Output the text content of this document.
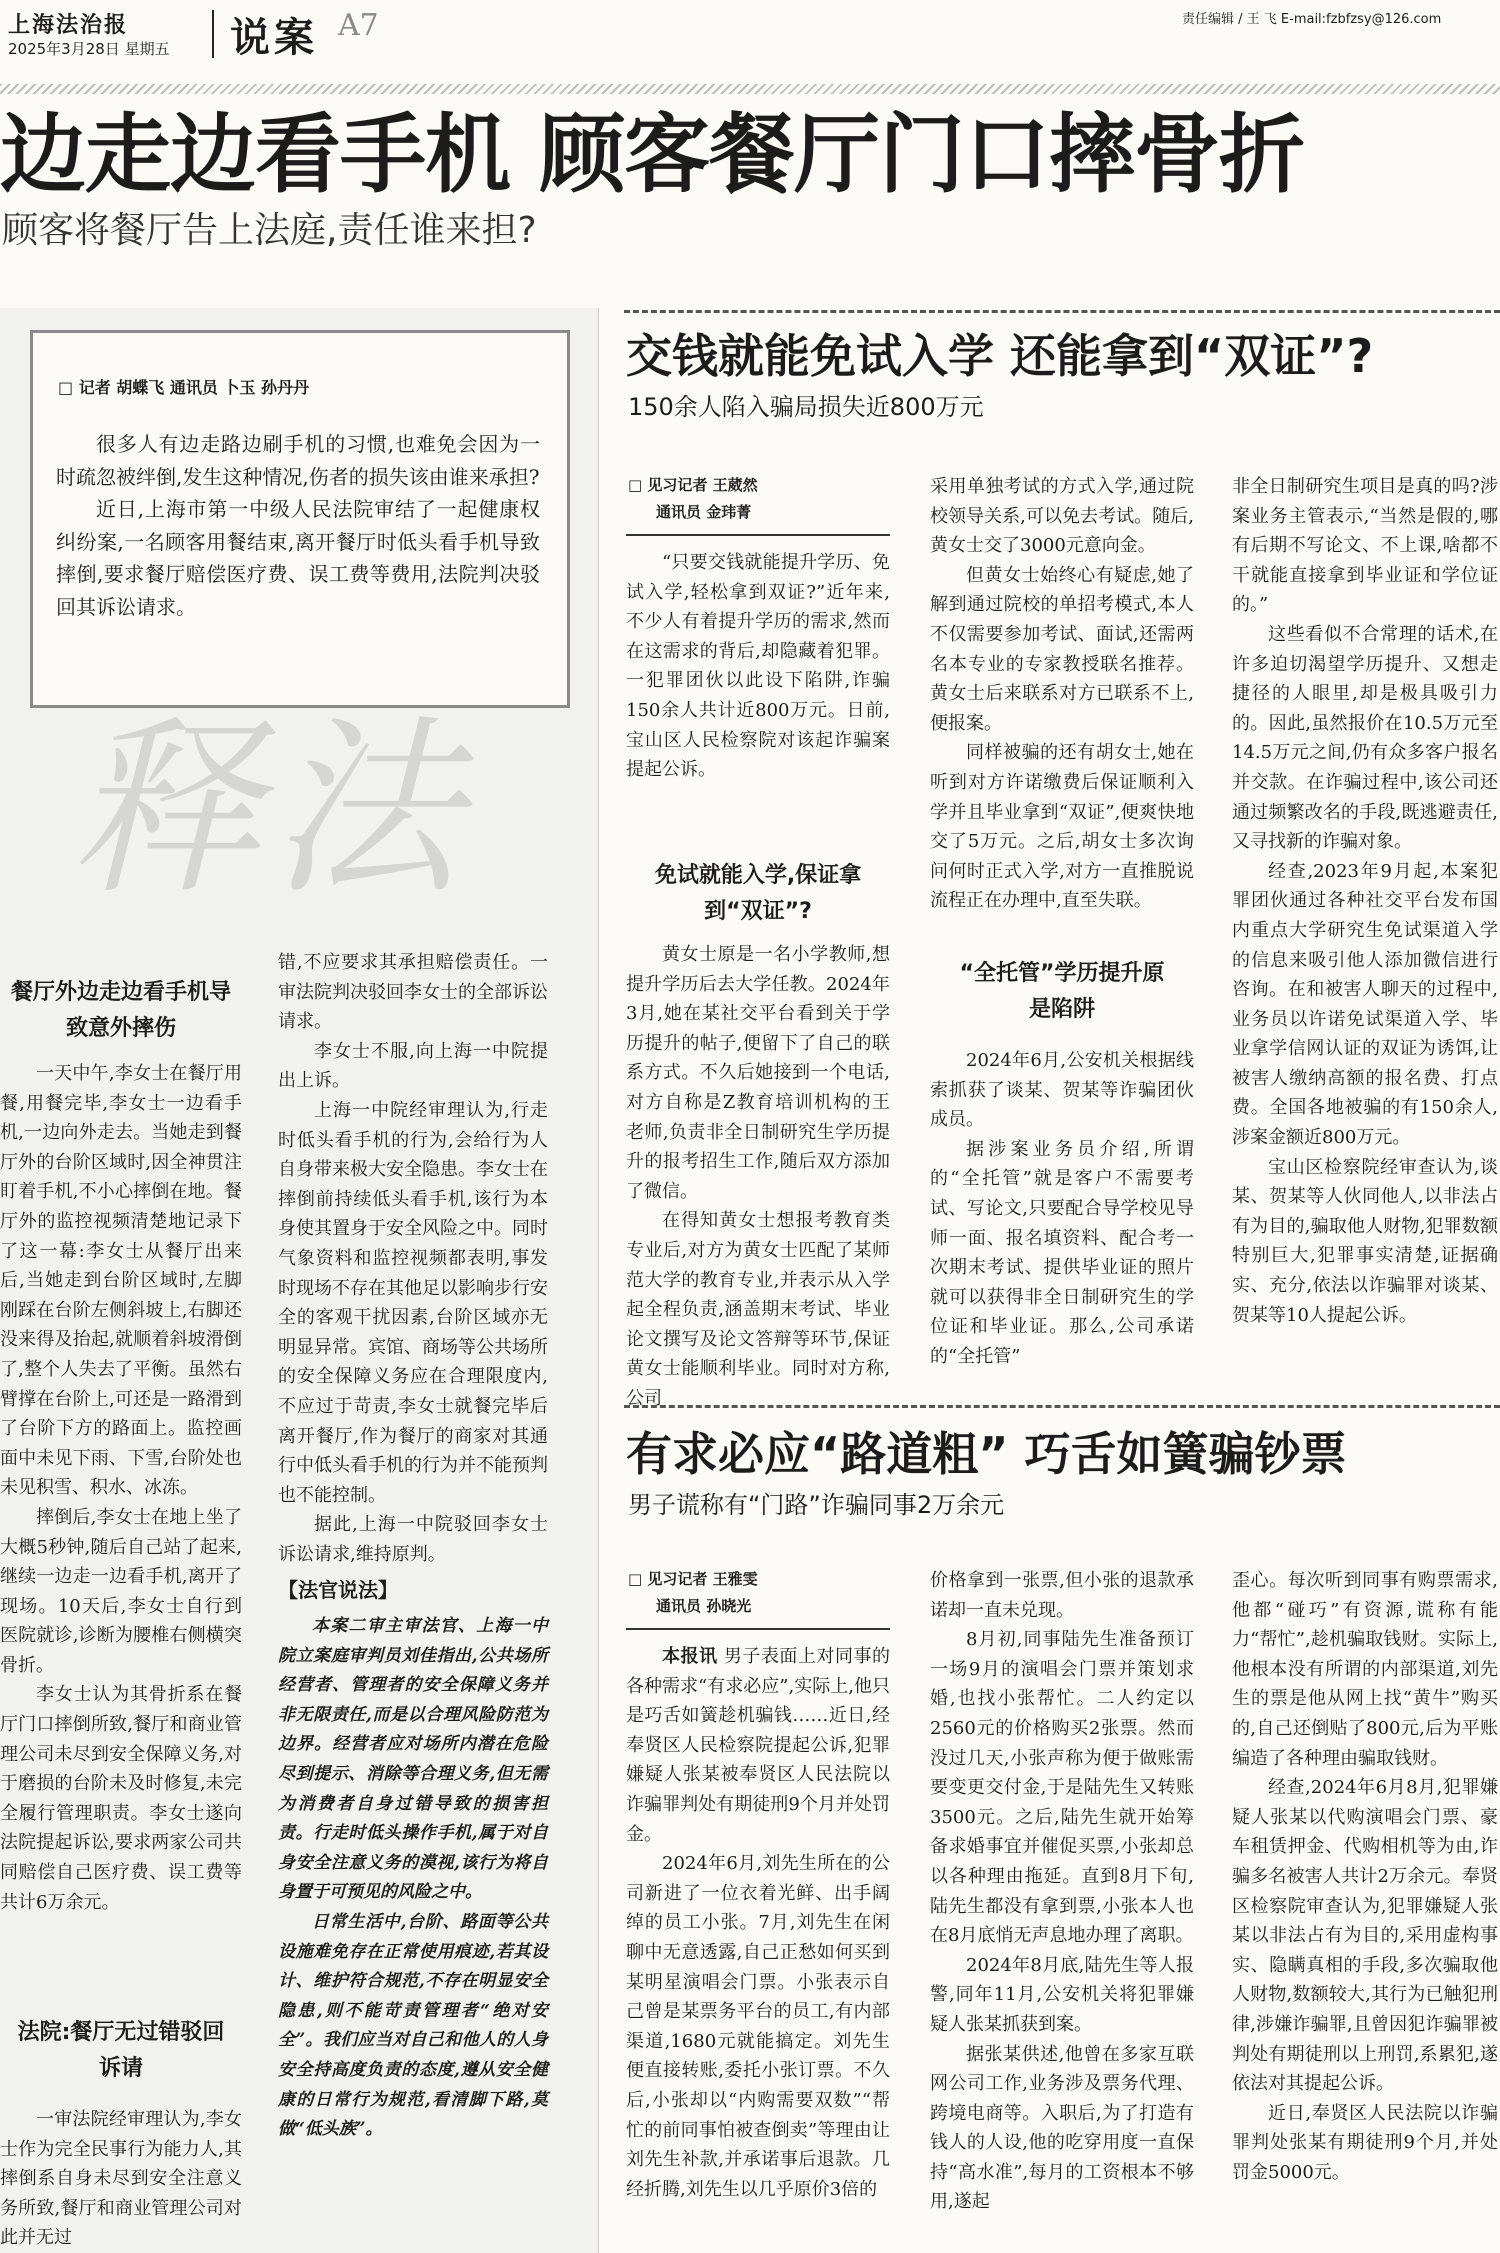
上海法治报
2025年3月28日 星期五 说案 A7	责任编辑 / 王 飞 E-mail:fzbfzsy@126.com
边走边看手机 顾客餐厅门口摔骨折
顾客将餐厅告上法庭,责任谁来担?
□ 记者 胡蝶飞 通讯员 卜玉 孙丹丹

很多人有边走路边刷手机的习惯,也难免会因为一时疏忽被绊倒,发生这种情况,伤者的损失该由谁来承担?

近日,上海市第一中级人民法院审结了一起健康权纠纷案,一名顾客用餐结束,离开餐厅时低头看手机导致摔倒,要求餐厅赔偿医疗费、误工费等费用,法院判决驳回其诉讼请求。

释法
餐厅外边走边看手机导致意外摔伤

一天中午,李女士在餐厅用餐,用餐完毕,李女士一边看手机,一边向外走去。当她走到餐厅外的台阶区域时,因全神贯注盯着手机,不小心摔倒在地。餐厅外的监控视频清楚地记录下了这一幕:李女士从餐厅出来后,当她走到台阶区域时,左脚刚踩在台阶左侧斜坡上,右脚还没来得及抬起,就顺着斜坡滑倒了,整个人失去了平衡。虽然右臂撑在台阶上,可还是一路滑到了台阶下方的路面上。监控画面中未见下雨、下雪,台阶处也未见积雪、积水、冰冻。

摔倒后,李女士在地上坐了大概5秒钟,随后自己站了起来,继续一边走一边看手机,离开了现场。10天后,李女士自行到医院就诊,诊断为腰椎右侧横突骨折。

李女士认为其骨折系在餐厅门口摔倒所致,餐厅和商业管理公司未尽到安全保障义务,对于磨损的台阶未及时修复,未完全履行管理职责。李女士遂向法院提起诉讼,要求两家公司共同赔偿自己医疗费、误工费等共计6万余元。

法院:餐厅无过错驳回诉请

一审法院经审理认为,李女士作为完全民事行为能力人,其摔倒系自身未尽到安全注意义务所致,餐厅和商业管理公司对此并无过

错,不应要求其承担赔偿责任。一审法院判决驳回李女士的全部诉讼请求。

李女士不服,向上海一中院提出上诉。

上海一中院经审理认为,行走时低头看手机的行为,会给行为人自身带来极大安全隐患。李女士在摔倒前持续低头看手机,该行为本身使其置身于安全风险之中。同时气象资料和监控视频都表明,事发时现场不存在其他足以影响步行安全的客观干扰因素,台阶区域亦无明显异常。宾馆、商场等公共场所的安全保障义务应在合理限度内,不应过于苛责,李女士就餐完毕后离开餐厅,作为餐厅的商家对其通行中低头看手机的行为并不能预判也不能控制。

据此,上海一中院驳回李女士诉讼请求,维持原判。

【法官说法】

本案二审主审法官、上海一中院立案庭审判员刘佳指出,公共场所经营者、管理者的安全保障义务并非无限责任,而是以合理风险防范为边界。经营者应对场所内潜在危险尽到提示、消除等合理义务,但无需为消费者自身过错导致的损害担责。行走时低头操作手机,属于对自身安全注意义务的漠视,该行为将自身置于可预见的风险之中。

日常生活中,台阶、路面等公共设施难免存在正常使用痕迹,若其设计、维护符合规范,不存在明显安全隐患,则不能苛责管理者“绝对安全”。我们应当对自己和他人的人身安全持高度负责的态度,遵从安全健康的日常行为规范,看清脚下路,莫做“低头族”。

交钱就能免试入学 还能拿到“双证”?
150余人陷入骗局损失近800万元
□ 见习记者 王葳然
通讯员 金玮菁

“只要交钱就能提升学历、免试入学,轻松拿到双证?”近年来,不少人有着提升学历的需求,然而在这需求的背后,却隐藏着犯罪。一犯罪团伙以此设下陷阱,诈骗150余人共计近800万元。日前,宝山区人民检察院对该起诈骗案提起公诉。

免试就能入学,保证拿到“双证”?

黄女士原是一名小学教师,想提升学历后去大学任教。2024年3月,她在某社交平台看到关于学历提升的帖子,便留下了自己的联系方式。不久后她接到一个电话,对方自称是Z教育培训机构的王老师,负责非全日制研究生学历提升的报考招生工作,随后双方添加了微信。

在得知黄女士想报考教育类专业后,对方为黄女士匹配了某师范大学的教育专业,并表示从入学起全程负责,涵盖期末考试、毕业论文撰写及论文答辩等环节,保证黄女士能顺利毕业。同时对方称,公司

采用单独考试的方式入学,通过院校领导关系,可以免去考试。随后,黄女士交了3000元意向金。

但黄女士始终心有疑虑,她了解到通过院校的单招考模式,本人不仅需要参加考试、面试,还需两名本专业的专家教授联名推荐。黄女士后来联系对方已联系不上,便报案。

同样被骗的还有胡女士,她在听到对方许诺缴费后保证顺利入学并且毕业拿到“双证”,便爽快地交了5万元。之后,胡女士多次询问何时正式入学,对方一直推脱说流程正在办理中,直至失联。

“全托管”学历提升原是陷阱

2024年6月,公安机关根据线索抓获了谈某、贺某等诈骗团伙成员。

据涉案业务员介绍,所谓的“全托管”就是客户不需要考试、写论文,只要配合导学校见导师一面、报名填资料、配合考一次期末考试、提供毕业证的照片就可以获得非全日制研究生的学位证和毕业证。那么,公司承诺的“全托管”

非全日制研究生项目是真的吗?涉案业务主管表示,“当然是假的,哪有后期不写论文、不上课,啥都不干就能直接拿到毕业证和学位证的。”

这些看似不合常理的话术,在许多迫切渴望学历提升、又想走捷径的人眼里,却是极具吸引力的。因此,虽然报价在10.5万元至14.5万元之间,仍有众多客户报名并交款。在诈骗过程中,该公司还通过频繁改名的手段,既逃避责任,又寻找新的诈骗对象。

经查,2023年9月起,本案犯罪团伙通过各种社交平台发布国内重点大学研究生免试渠道入学的信息来吸引他人添加微信进行咨询。在和被害人聊天的过程中,业务员以许诺免试渠道入学、毕业拿学信网认证的双证为诱饵,让被害人缴纳高额的报名费、打点费。全国各地被骗的有150余人,涉案金额近800万元。

宝山区检察院经审查认为,谈某、贺某等人伙同他人,以非法占有为目的,骗取他人财物,犯罪数额特别巨大,犯罪事实清楚,证据确实、充分,依法以诈骗罪对谈某、贺某等10人提起公诉。

有求必应“路道粗” 巧舌如簧骗钞票
男子谎称有“门路”诈骗同事2万余元
□ 见习记者 王雅雯
通讯员 孙晓光

本报讯 男子表面上对同事的各种需求“有求必应”,实际上,他只是巧舌如簧趁机骗钱……近日,经奉贤区人民检察院提起公诉,犯罪嫌疑人张某被奉贤区人民法院以诈骗罪判处有期徒刑9个月并处罚金。

2024年6月,刘先生所在的公司新进了一位衣着光鲜、出手阔绰的员工小张。7月,刘先生在闲聊中无意透露,自己正愁如何买到某明星演唱会门票。小张表示自己曾是某票务平台的员工,有内部渠道,1680元就能搞定。刘先生便直接转账,委托小张订票。不久后,小张却以“内购需要双数”“帮忙的前同事怕被查倒卖”等理由让刘先生补款,并承诺事后退款。几经折腾,刘先生以几乎原价3倍的

价格拿到一张票,但小张的退款承诺却一直未兑现。

8月初,同事陆先生准备预订一场9月的演唱会门票并策划求婚,也找小张帮忙。二人约定以2560元的价格购买2张票。然而没过几天,小张声称为便于做账需要变更交付金,于是陆先生又转账3500元。之后,陆先生就开始筹备求婚事宜并催促买票,小张却总以各种理由拖延。直到8月下旬,陆先生都没有拿到票,小张本人也在8月底悄无声息地办理了离职。

2024年8月底,陆先生等人报警,同年11月,公安机关将犯罪嫌疑人张某抓获到案。

据张某供述,他曾在多家互联网公司工作,业务涉及票务代理、跨境电商等。入职后,为了打造有钱人的人设,他的吃穿用度一直保持“高水准”,每月的工资根本不够用,遂起

歪心。每次听到同事有购票需求,他都“碰巧”有资源,谎称有能力“帮忙”,趁机骗取钱财。实际上,他根本没有所谓的内部渠道,刘先生的票是他从网上找“黄牛”购买的,自己还倒贴了800元,后为平账编造了各种理由骗取钱财。

经查,2024年6月8月,犯罪嫌疑人张某以代购演唱会门票、豪车租赁押金、代购相机等为由,诈骗多名被害人共计2万余元。奉贤区检察院审查认为,犯罪嫌疑人张某以非法占有为目的,采用虚构事实、隐瞒真相的手段,多次骗取他人财物,数额较大,其行为已触犯刑律,涉嫌诈骗罪,且曾因犯诈骗罪被判处有期徒刑以上刑罚,系累犯,遂依法对其提起公诉。

近日,奉贤区人民法院以诈骗罪判处张某有期徒刑9个月,并处罚金5000元。
